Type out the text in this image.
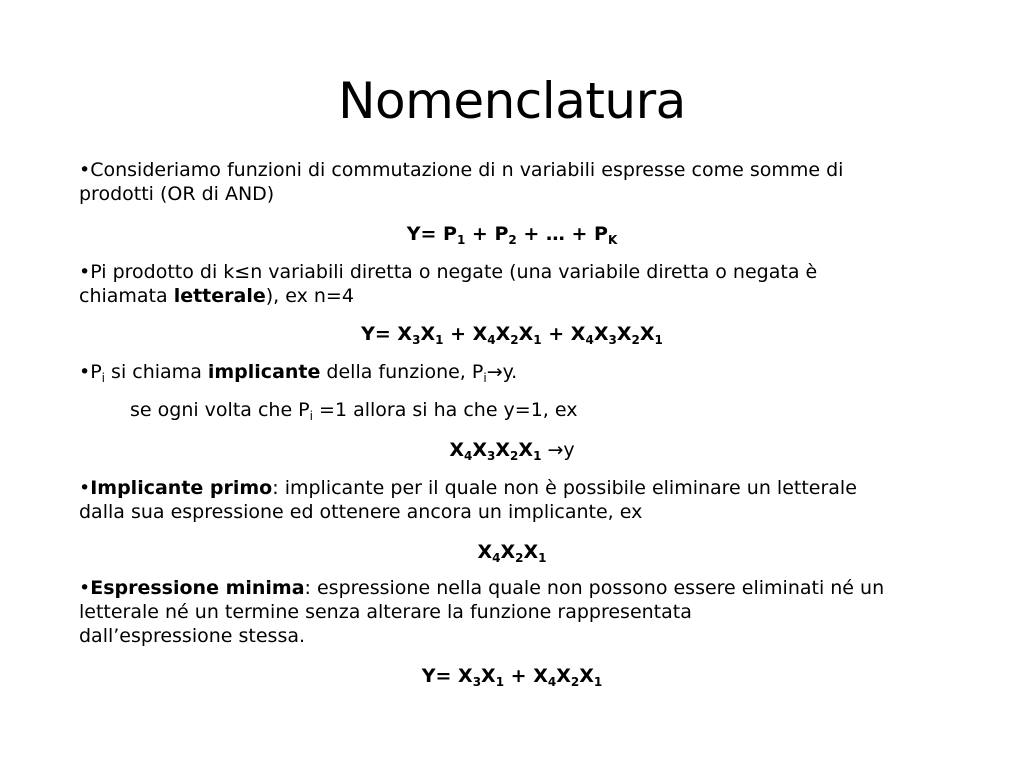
Nomenclatura
•Consideriamo funzioni di commutazione di n variabili espresse come somme di
prodotti (OR di AND)
$Y= P_1 + P_2$ + … + $P_K$
•Pi prodotto di k≤n variabili diretta o negate (una variabile diretta o negata è
chiamata letterale), ex n=4
$Y= X_3X_1 + X_4X_2X_1 + X_4X_3X_2X_1$
$•P_i$ si chiama implicante della funzione, $P_i\to y$.
se ogni volta che $P_i =1$ allora si ha che y=1, ex
$X_4X_3X_2X_1 \to y$
•Implicante primo: implicante per il quale non è possibile eliminare un letterale
dalla sua espressione ed ottenere ancora un implicante, ex
$X_4X_2X_1$
•Espressione minima: espressione nella quale non possono essere eliminati né un
letterale né un termine senza alterare la funzione rappresentata
dall’espressione stessa.
$Y= X_3X_1 + X_4X_2X_1$
